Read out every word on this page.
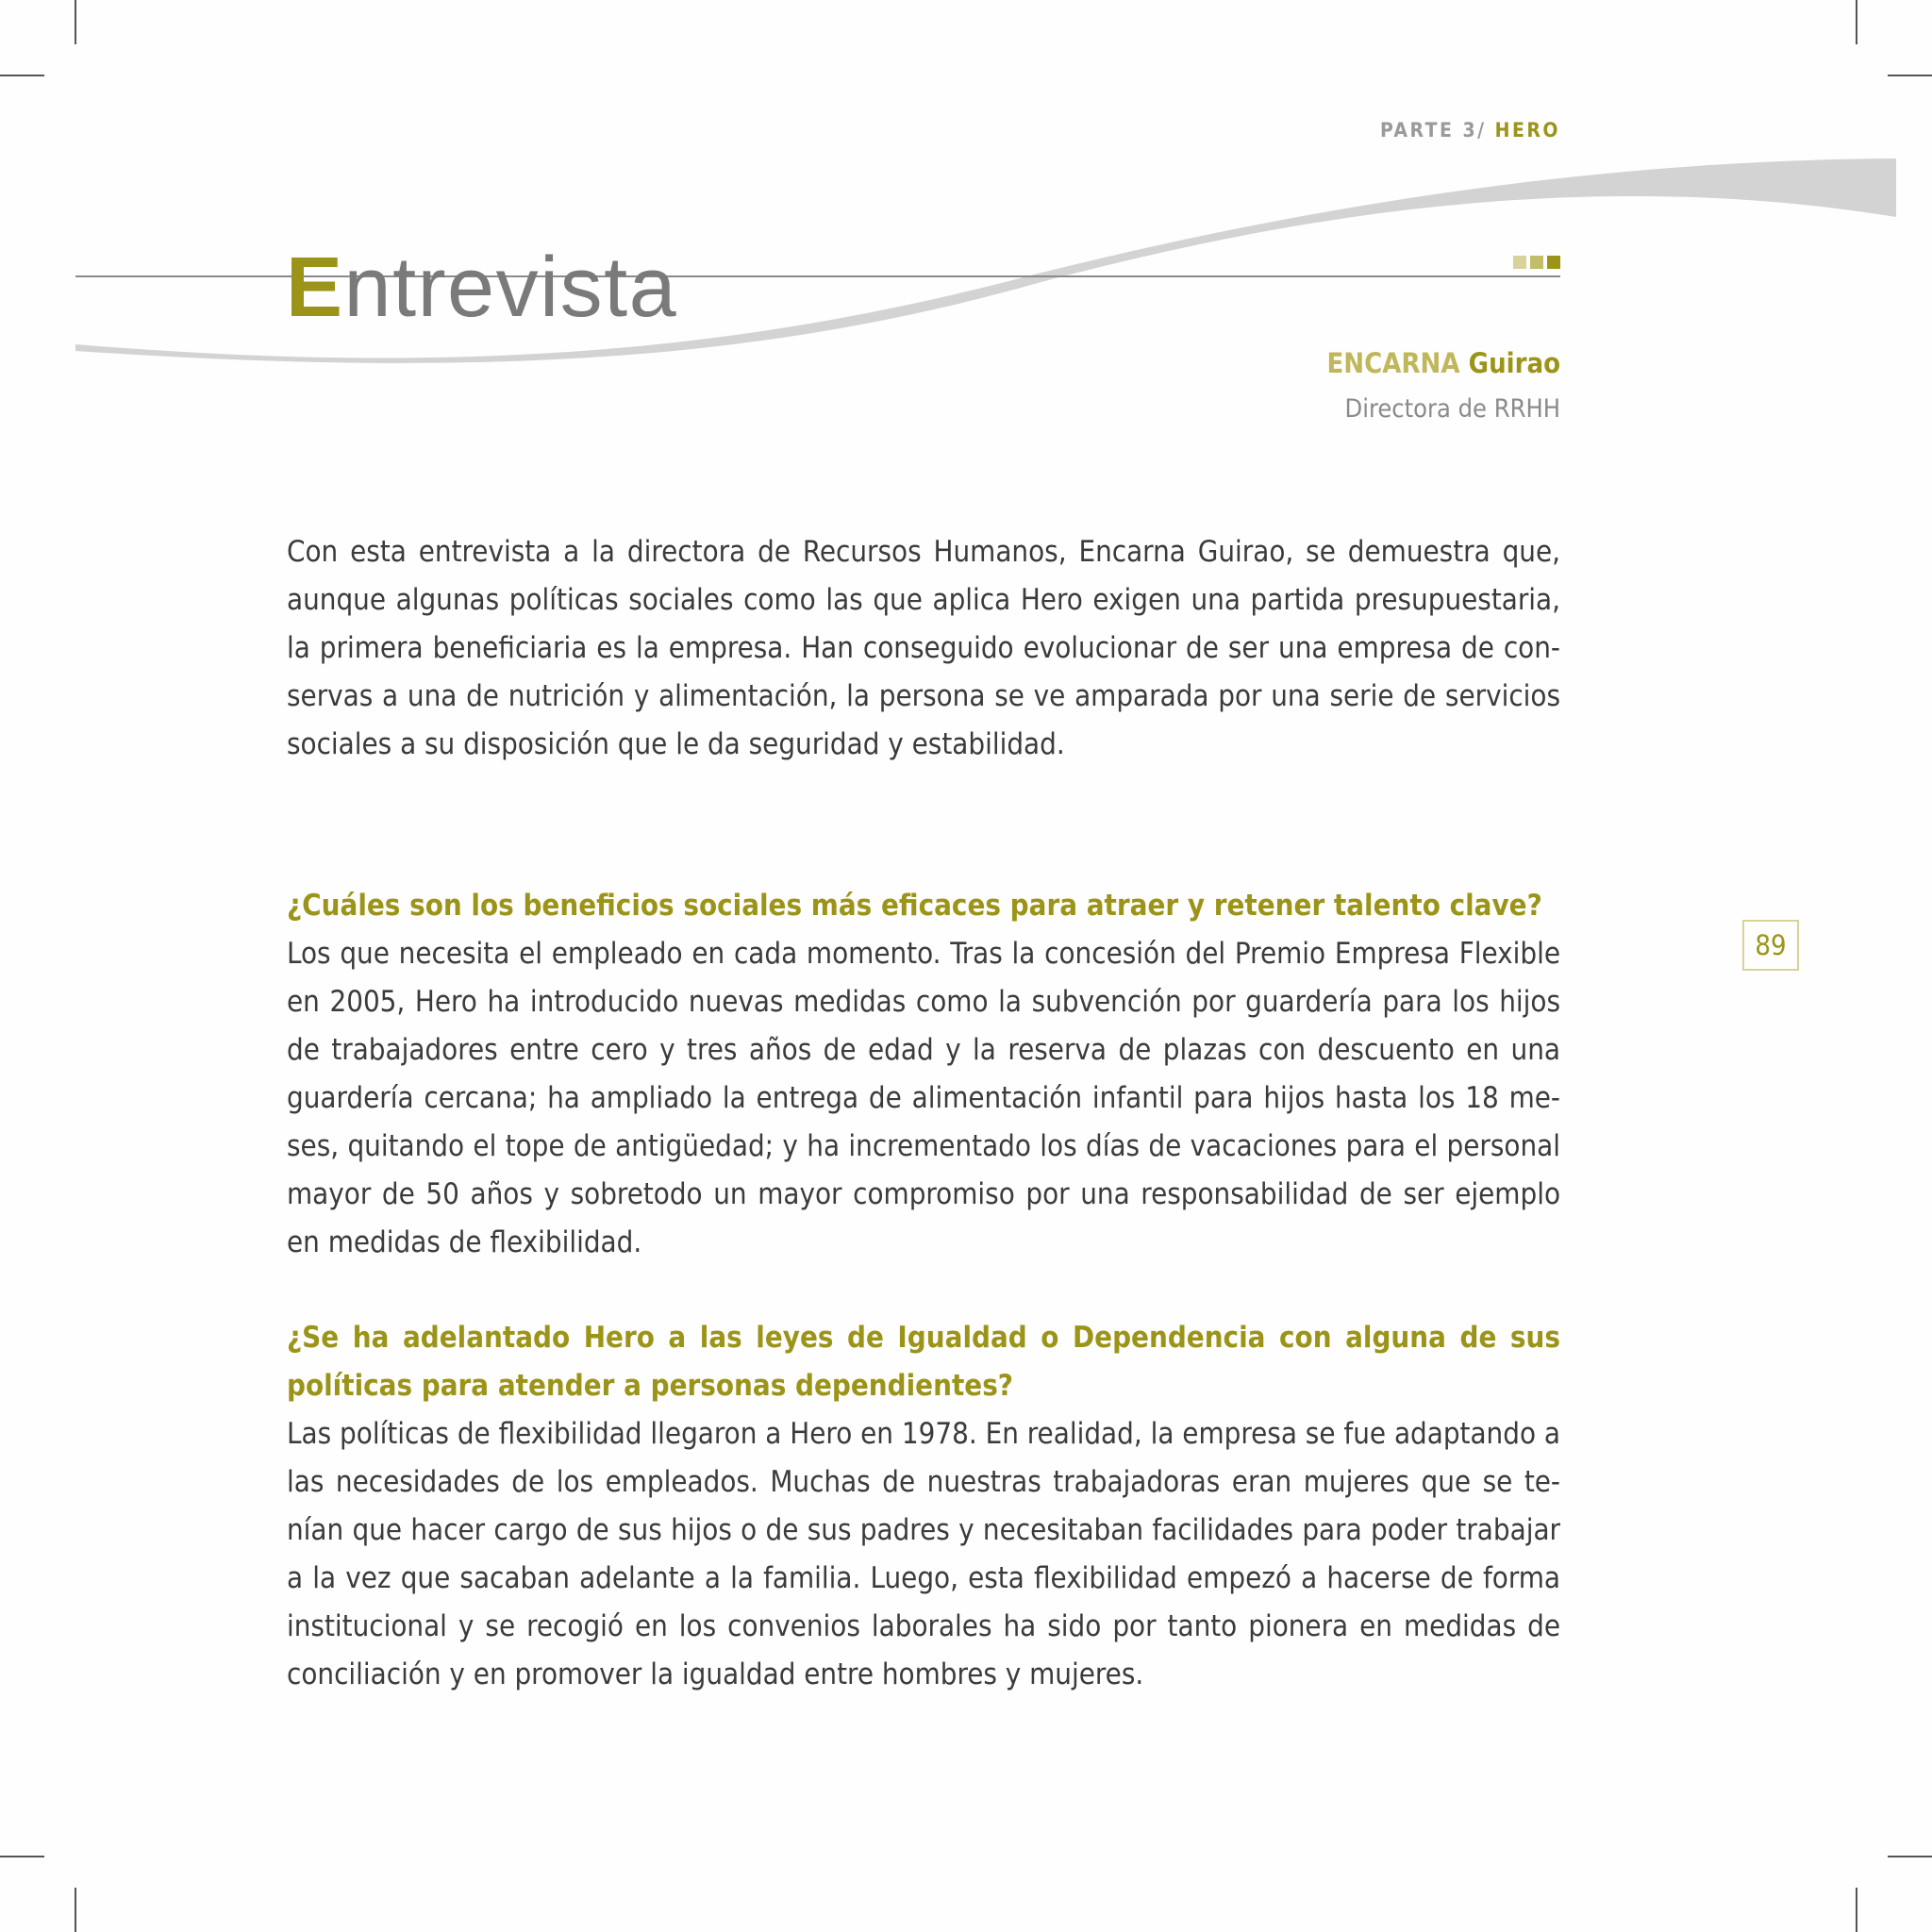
PARTE 3/ HERO
Entrevista
ENCARNA Guirao
Directora de RRHH

Con esta entrevista a la directora de Recursos Humanos, Encarna Guirao, se demuestra que, aunque algunas políticas sociales como las que aplica Hero exigen una partida presupuestaria, la primera beneficiaria es la empresa. Han conseguido evolucionar de ser una empresa de con-servas a una de nutrición y alimentación, la persona se ve amparada por una serie de servicios sociales a su disposición que le da seguridad y estabilidad.

¿Cuáles son los beneficios sociales más eficaces para atraer y retener talento clave?

Los que necesita el empleado en cada momento. Tras la concesión del Premio Empresa Flexible en 2005, Hero ha introducido nuevas medidas como la subvención por guardería para los hijos de trabajadores entre cero y tres años de edad y la reserva de plazas con descuento en una guardería cercana; ha ampliado la entrega de alimentación infantil para hijos hasta los 18 me-ses, quitando el tope de antigüedad; y ha incrementado los días de vacaciones para el personal mayor de 50 años y sobretodo un mayor compromiso por una responsabilidad de ser ejemplo en medidas de flexibilidad.

¿Se ha adelantado Hero a las leyes de Igualdad o Dependencia con alguna de sus políticas para atender a personas dependientes?

Las políticas de flexibilidad llegaron a Hero en 1978. En realidad, la empresa se fue adaptando a las necesidades de los empleados. Muchas de nuestras trabajadoras eran mujeres que se te-nían que hacer cargo de sus hijos o de sus padres y necesitaban facilidades para poder trabajar a la vez que sacaban adelante a la familia. Luego, esta flexibilidad empezó a hacerse de forma institucional y se recogió en los convenios laborales ha sido por tanto pionera en medidas de conciliación y en promover la igualdad entre hombres y mujeres.

89
